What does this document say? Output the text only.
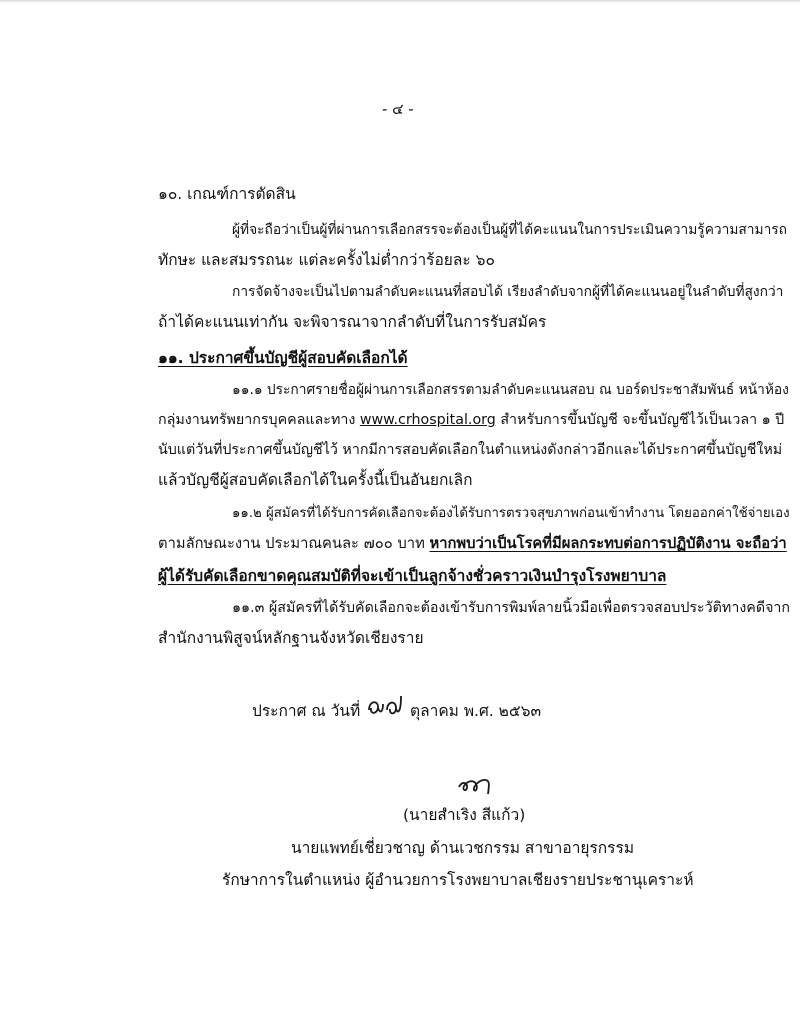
- ๔ -
๑๐. เกณฑ์การตัดสิน
ผู้ที่จะถือว่าเป็นผู้ที่ผ่านการเลือกสรรจะต้องเป็นผู้ที่ได้คะแนนในการประเมินความรู้ความสามารถ
ทักษะ และสมรรถนะ แต่ละครั้งไม่ต่ำกว่าร้อยละ ๖๐
การจัดจ้างจะเป็นไปตามลำดับคะแนนที่สอบได้ เรียงลำดับจากผู้ที่ได้คะแนนอยู่ในลำดับที่สูงกว่า
ถ้าได้คะแนนเท่ากัน จะพิจารณาจากลำดับที่ในการรับสมัคร
๑๑. ประกาศขึ้นบัญชีผู้สอบคัดเลือกได้
๑๑.๑ ประกาศรายชื่อผู้ผ่านการเลือกสรรตามลำดับคะแนนสอบ ณ บอร์ดประชาสัมพันธ์ หน้าห้อง
กลุ่มงานทรัพยากรบุคคลและทาง www.crhospital.org สำหรับการขึ้นบัญชี จะขึ้นบัญชีไว้เป็นเวลา ๑ ปี
นับแต่วันที่ประกาศขึ้นบัญชีไว้ หากมีการสอบคัดเลือกในตำแหน่งดังกล่าวอีกและได้ประกาศขึ้นบัญชีใหม่
แล้วบัญชีผู้สอบคัดเลือกได้ในครั้งนี้เป็นอันยกเลิก
๑๑.๒ ผู้สมัครที่ได้รับการคัดเลือกจะต้องได้รับการตรวจสุขภาพก่อนเข้าทำงาน โดยออกค่าใช้จ่ายเอง
ตามลักษณะงาน ประมาณคนละ ๗๐๐ บาท หากพบว่าเป็นโรคที่มีผลกระทบต่อการปฏิบัติงาน จะถือว่า
ผู้ได้รับคัดเลือกขาดคุณสมบัติที่จะเข้าเป็นลูกจ้างชั่วคราวเงินบำรุงโรงพยาบาล
๑๑.๓ ผู้สมัครที่ได้รับคัดเลือกจะต้องเข้ารับการพิมพ์ลายนิ้วมือเพื่อตรวจสอบประวัติทางคดีจาก
สำนักงานพิสูจน์หลักฐานจังหวัดเชียงราย
ประกาศ ณ วันที่	ตุลาคม พ.ศ. ๒๕๖๓
(นายสำเริง สีแก้ว)
นายแพทย์เชี่ยวชาญ ด้านเวชกรรม สาขาอายุรกรรม
รักษาการในตำแหน่ง ผู้อำนวยการโรงพยาบาลเชียงรายประชานุเคราะห์
